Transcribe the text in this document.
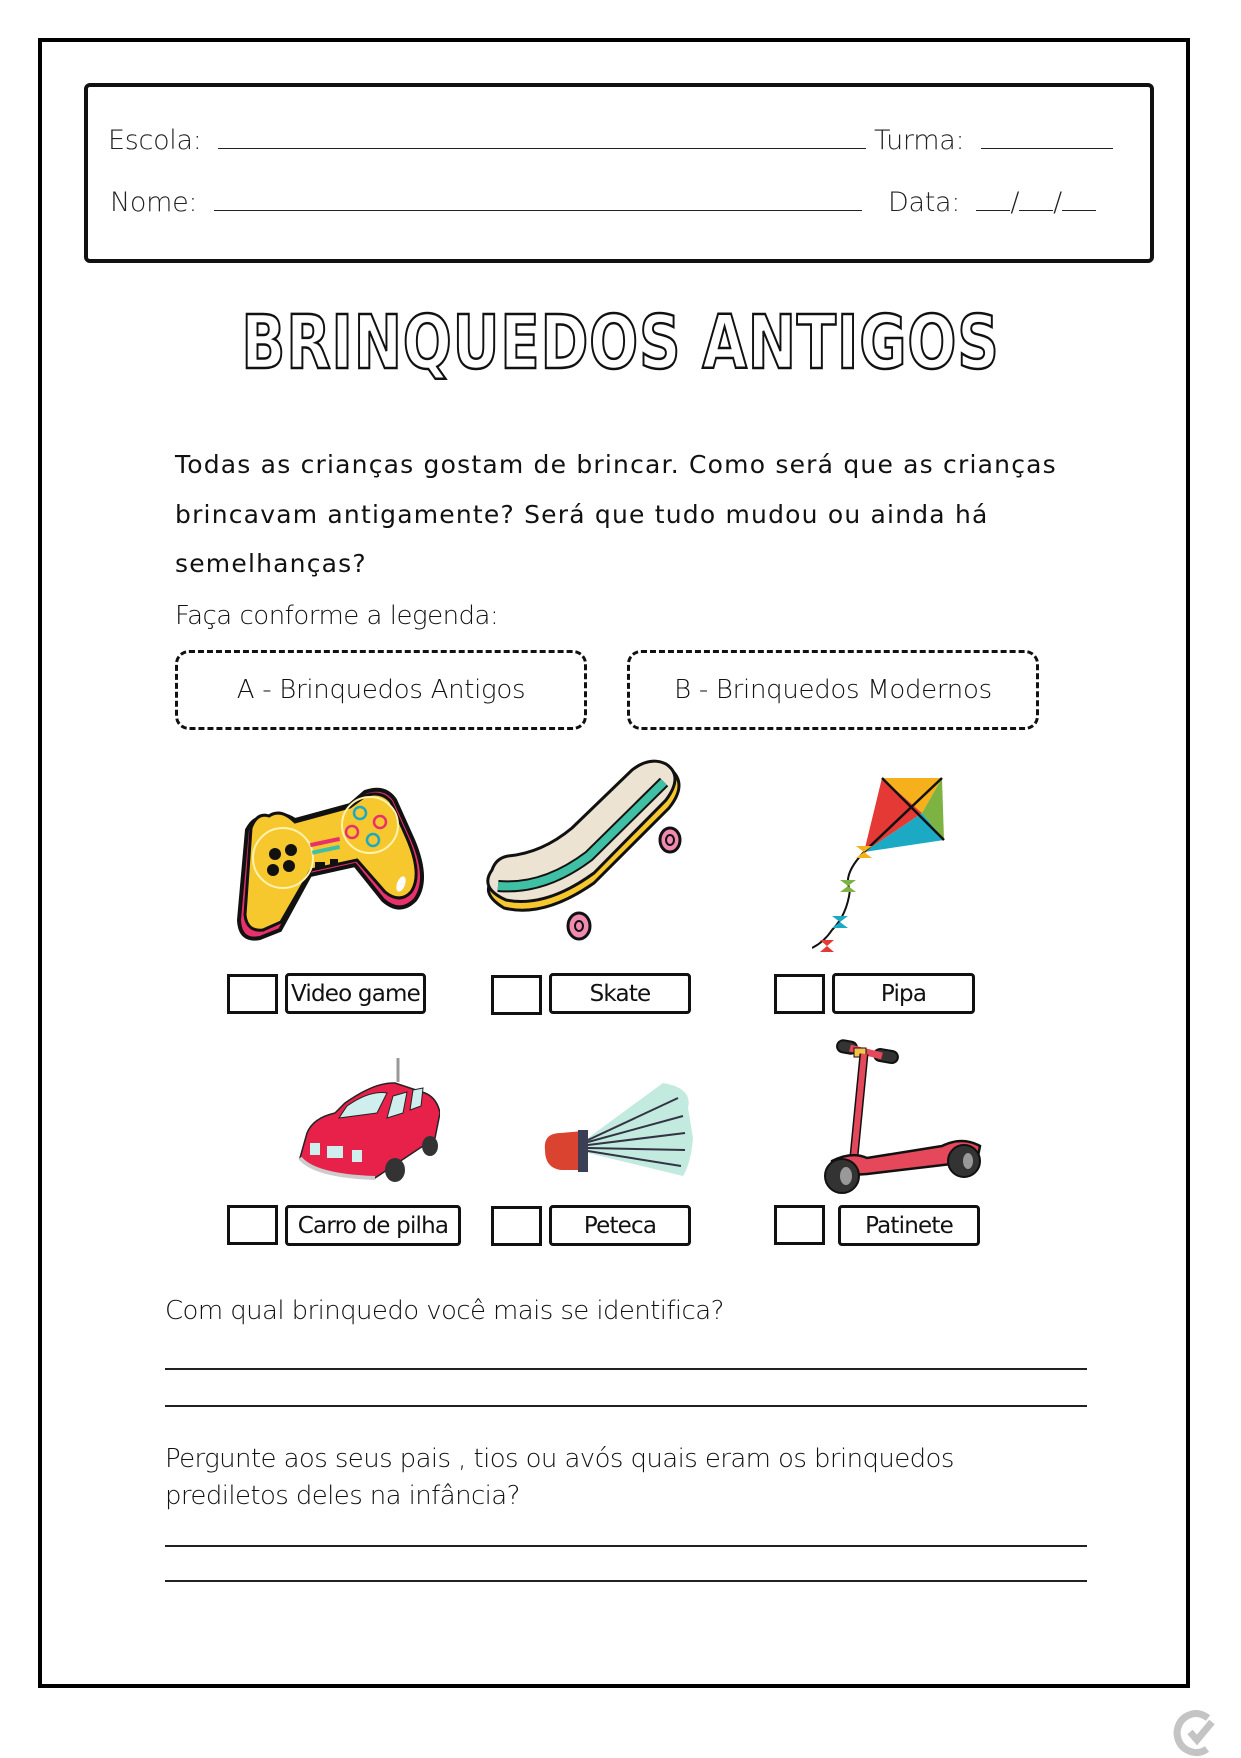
Escola:	Turma:
Nome:	Data: / /
BRINQUEDOS ANTIGOS
Todas as crianças gostam de brincar. Como será que as crianças
brincavam antigamente? Será que tudo mudou ou ainda há
semelhanças?
Faça conforme a legenda:
A - Brinquedos Antigos	B - Brinquedos Modernos
Video game	Skate	Pipa
Carro de pilha	Peteca	Patinete
Com qual brinquedo você mais se identifica?
Pergunte aos seus pais , tios ou avós quais eram os brinquedos
prediletos deles na infância?
